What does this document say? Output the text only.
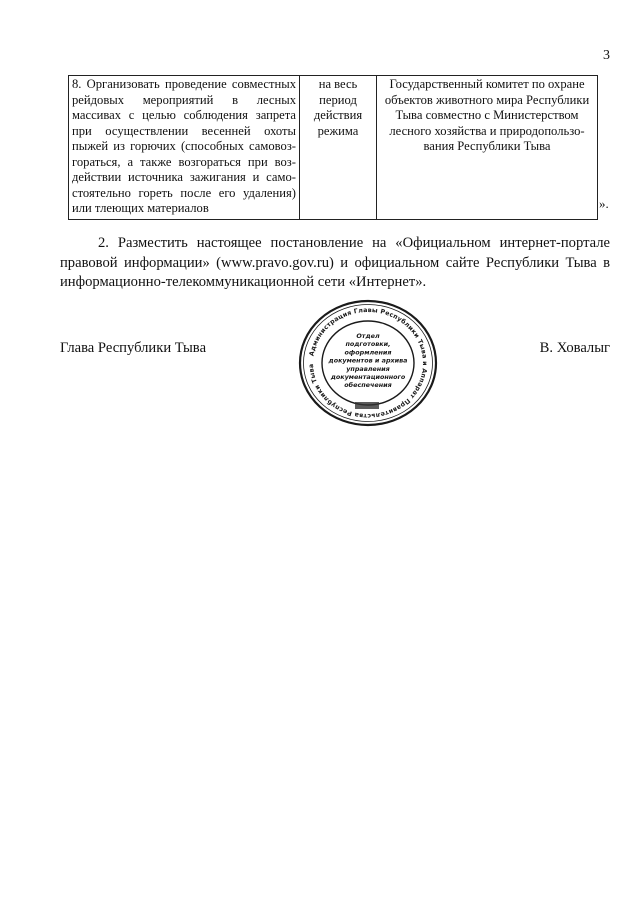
3
8. Организовать проведение совместных рейдовых мероприятий в лесных массивах с целью соблюдения запрета при осуществлении весенней охоты пыжей из горючих (способных самовозгораться, а также возгораться при воздействии источника зажигания и самостоятельно гореть после его удаления) или тлеющих материалов	на весь период действия режима	Государственный комитет по охране объектов животного мира Республики Тыва совместно с Министерством лесного хозяйства и природопользования Республики Тыва
».

2. Разместить настоящее постановление на «Официальном интернет-портале правовой информации» (www.pravo.gov.ru) и официальном сайте Республики Тыва в информационно-телекоммуникационной сети «Интернет».

Глава Республики Тывa	В. Ховалыг
Администрация Главы Республики Тыва и Аппарат Правительства Республики Тыва
Отдел подготовки, оформления документов и архива управления документационного обеспечения
